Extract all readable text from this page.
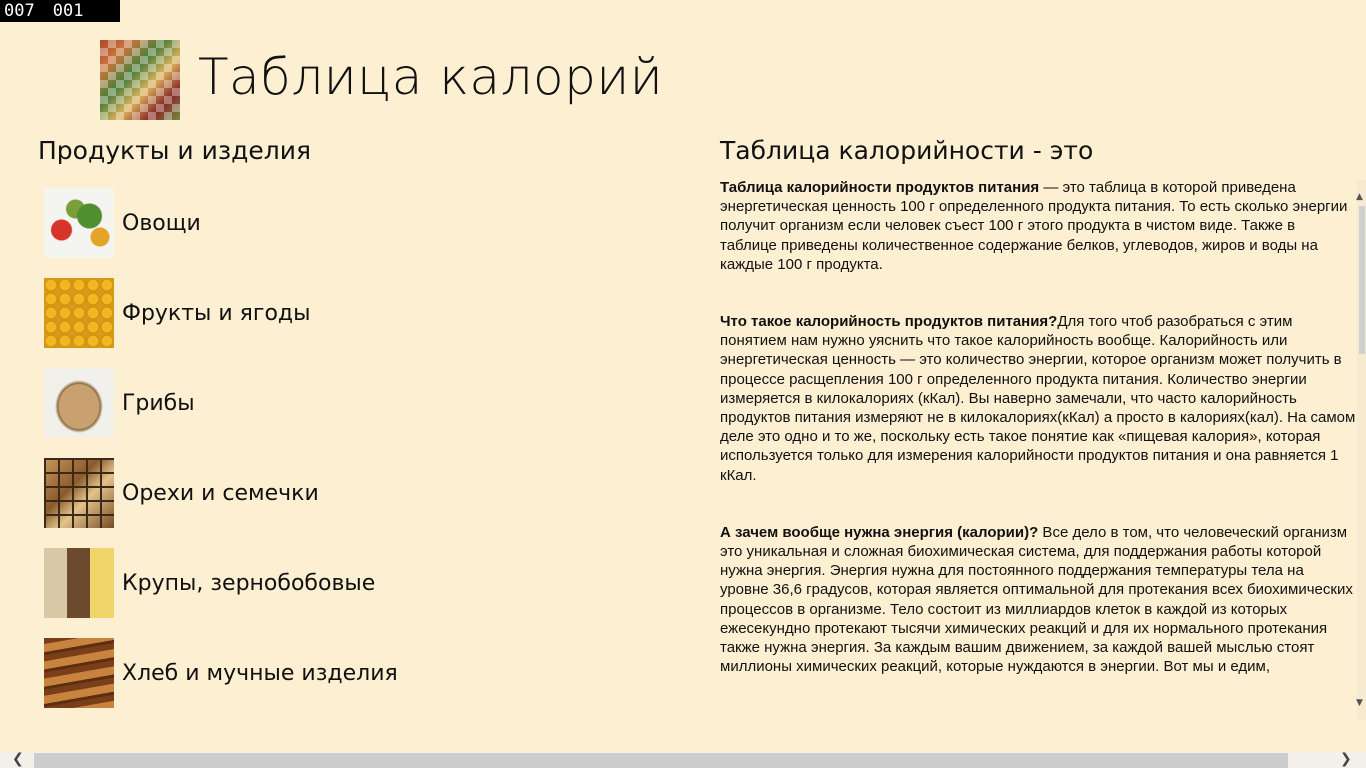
007 001
Таблица калорий
Продукты и изделия
Овощи
Фрукты и ягоды
Грибы
Орехи и семечки
Крупы, зернобобовые
Хлеб и мучные изделия
Таблица калорийности - это

Таблица калорийности продуктов питания — это таблица в которой приведена энергетическая ценность 100 г определенного продукта питания. То есть сколько энергии получит организм если человек съест 100 г этого продукта в чистом виде. Также в таблице приведены количественное содержание белков, углеводов, жиров и воды на каждые 100 г продукта.

Что такое калорийность продуктов питания?Для того чтоб разобраться с этим понятием нам нужно уяснить что такое калорийность вообще. Калорийность или энергетическая ценность — это количество энергии, которое организм может получить в процессе расщепления 100 г определенного продукта питания. Количество энергии измеряется в килокалориях (кКал). Вы наверно замечали, что часто калорийность продуктов питания измеряют не в килокалориях(кКал) а просто в калориях(кал). На самом деле это одно и то же, поскольку есть такое понятие как «пищевая калория», которая используется только для измерения калорийности продуктов питания и она равняется 1 кКал.

А зачем вообще нужна энергия (калории)? Все дело в том, что человеческий организм это уникальная и сложная биохимическая система, для поддержания работы которой нужна энергия. Энергия нужна для постоянного поддержания температуры тела на уровне 36,6 градусов, которая является оптимальной для протекания всех биохимических процессов в организме. Тело состоит из миллиардов клеток в каждой из которых ежесекундно протекают тысячи химических реакций и для их нормального протекания также нужна энергия. За каждым вашим движением, за каждой вашей мыслью стоят миллионы химических реакций, которые нуждаются в энергии. Вот мы и едим,

▲
▼
❮	❯
